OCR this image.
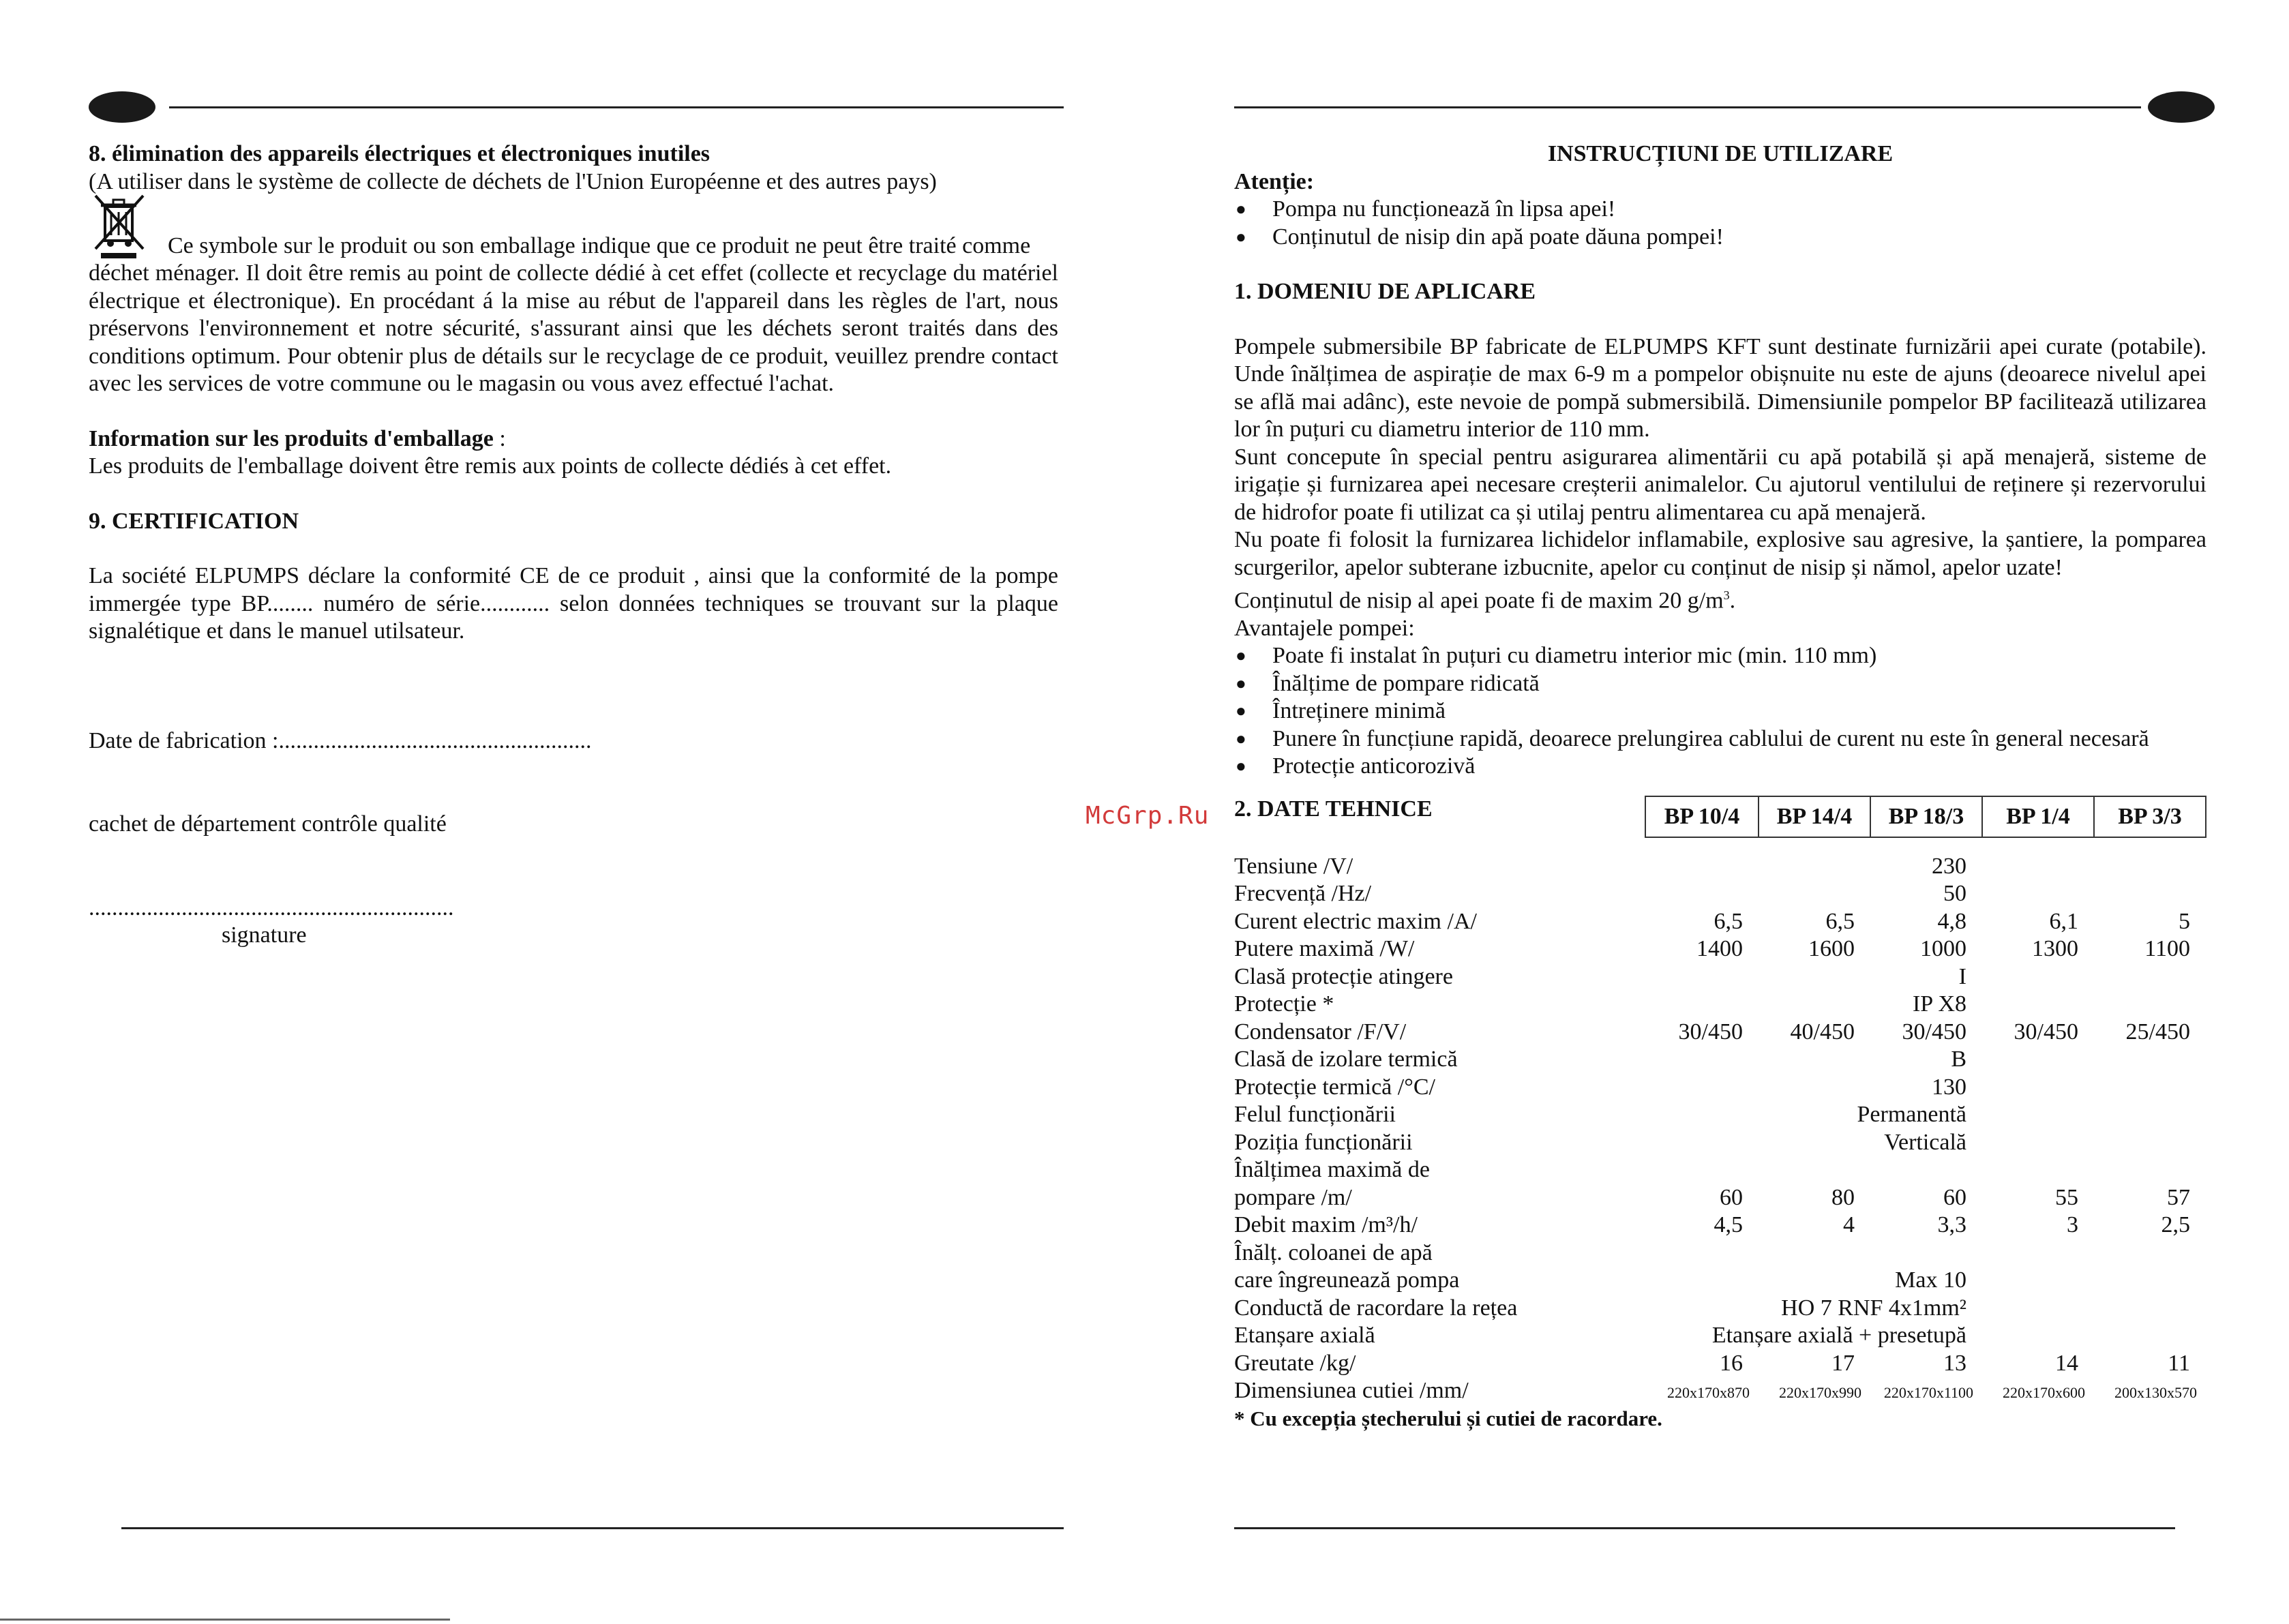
8. élimination des appareils électriques et électroniques inutiles

(A utiliser dans le système de collecte de déchets de l'Union Européenne et des autres pays)

Ce symbole sur le produit ou son emballage indique que ce produit ne peut être traité comme

déchet ménager. Il doit être remis au point de collecte dédié à cet effet (collecte et recyclage du matériel électrique et électronique). En procédant á la mise au rébut de l'appareil dans les règles de l'art, nous préservons l'environnement et notre sécurité, s'assurant ainsi que les déchets seront traités dans des conditions optimum. Pour obtenir plus de détails sur le recyclage de ce produit, veuillez prendre contact avec les services de votre commune ou le magasin ou vous avez effectué l'achat.

Information sur les produits d'emballage :

Les produits de l'emballage doivent être remis aux points de collecte dédiés à cet effet.

9. CERTIFICATION

La société ELPUMPS déclare la conformité CE de ce produit , ainsi que la conformité de la pompe immergée type BP........ numéro de série............ selon données techniques se trouvant sur la plaque signalétique et dans le manuel utilsateur.

Date de fabrication :......................................................

cachet de département contrôle qualité

...............................................................

signature

INSTRUCȚIUNI DE UTILIZARE

Atenție:

● Pompa nu funcționează în lipsa apei!
● Conținutul de nisip din apă poate dăuna pompei!

1. DOMENIU DE APLICARE

Pompele submersibile BP fabricate de ELPUMPS KFT sunt destinate furnizării apei curate (potabile). Unde înălțimea de aspirație de max 6-9 m a pompelor obișnuite nu este de ajuns (deoarece nivelul apei se află mai adânc), este nevoie de pompă submersibilă. Dimensiunile pompelor BP facilitează utilizarea lor în puțuri cu diametru interior de 110 mm.

Sunt concepute în special pentru asigurarea alimentării cu apă potabilă și apă menajeră, sisteme de irigație și furnizarea apei necesare creșterii animalelor. Cu ajutorul ventilului de reținere și rezervorului de hidrofor poate fi utilizat ca și utilaj pentru alimentarea cu apă menajeră.

Nu poate fi folosit la furnizarea lichidelor inflamabile, explosive sau agresive, la șantiere, la pomparea scurgerilor, apelor subterane izbucnite, apelor cu conținut de nisip și nămol, apelor uzate!

Conținutul de nisip al apei poate fi de maxim 20 $g/m^3$.

Avantajele pompei:

● Poate fi instalat în puțuri cu diametru interior mic (min. 110 mm)
● Înălțime de pompare ridicată
● Întreținere minimă
● Punere în funcțiune rapidă, deoarece prelungirea cablului de curent nu este în general necesară
● Protecție anticorozivă
BP 10/4	BP 14/4	BP 18/3	BP 1/4	BP 3/3

2. DATE TEHNICE

Tensiune /V/	230
Frecvență /Hz/	50
Curent electric maxim /A/	6,5	6,5	4,8	6,1	5
Putere maximă /W/	1400	1600	1000	1300	1100
Clasă protecție atingere	I
Protecție *	IP X8
Condensator /F/V/	30/450	40/450	30/450	30/450	25/450
Clasă de izolare termică	B
Protecție termică /°C/	130
Felul funcționării	Permanentă
Poziția funcționării	Verticală
Înălțimea maximă de
pompare /m/	60	80	60	55	57
Debit maxim /m³/h/	4,5	4	3,3	3	2,5
Înălț. coloanei de apă
care îngreunează pompa	Max 10
Conductă de racordare la rețea	HO 7 RNF 4x1mm²
Etanșare axială	Etanșare axială + presetupă
Greutate /kg/	16	17	13	14	11
Dimensiunea cutiei /mm/	220x170x870	220x170x990	220x170x1100	220x170x600	200x130x570

* Cu excepția ștecherului și cutiei de racordare.

McGrp.Ru
